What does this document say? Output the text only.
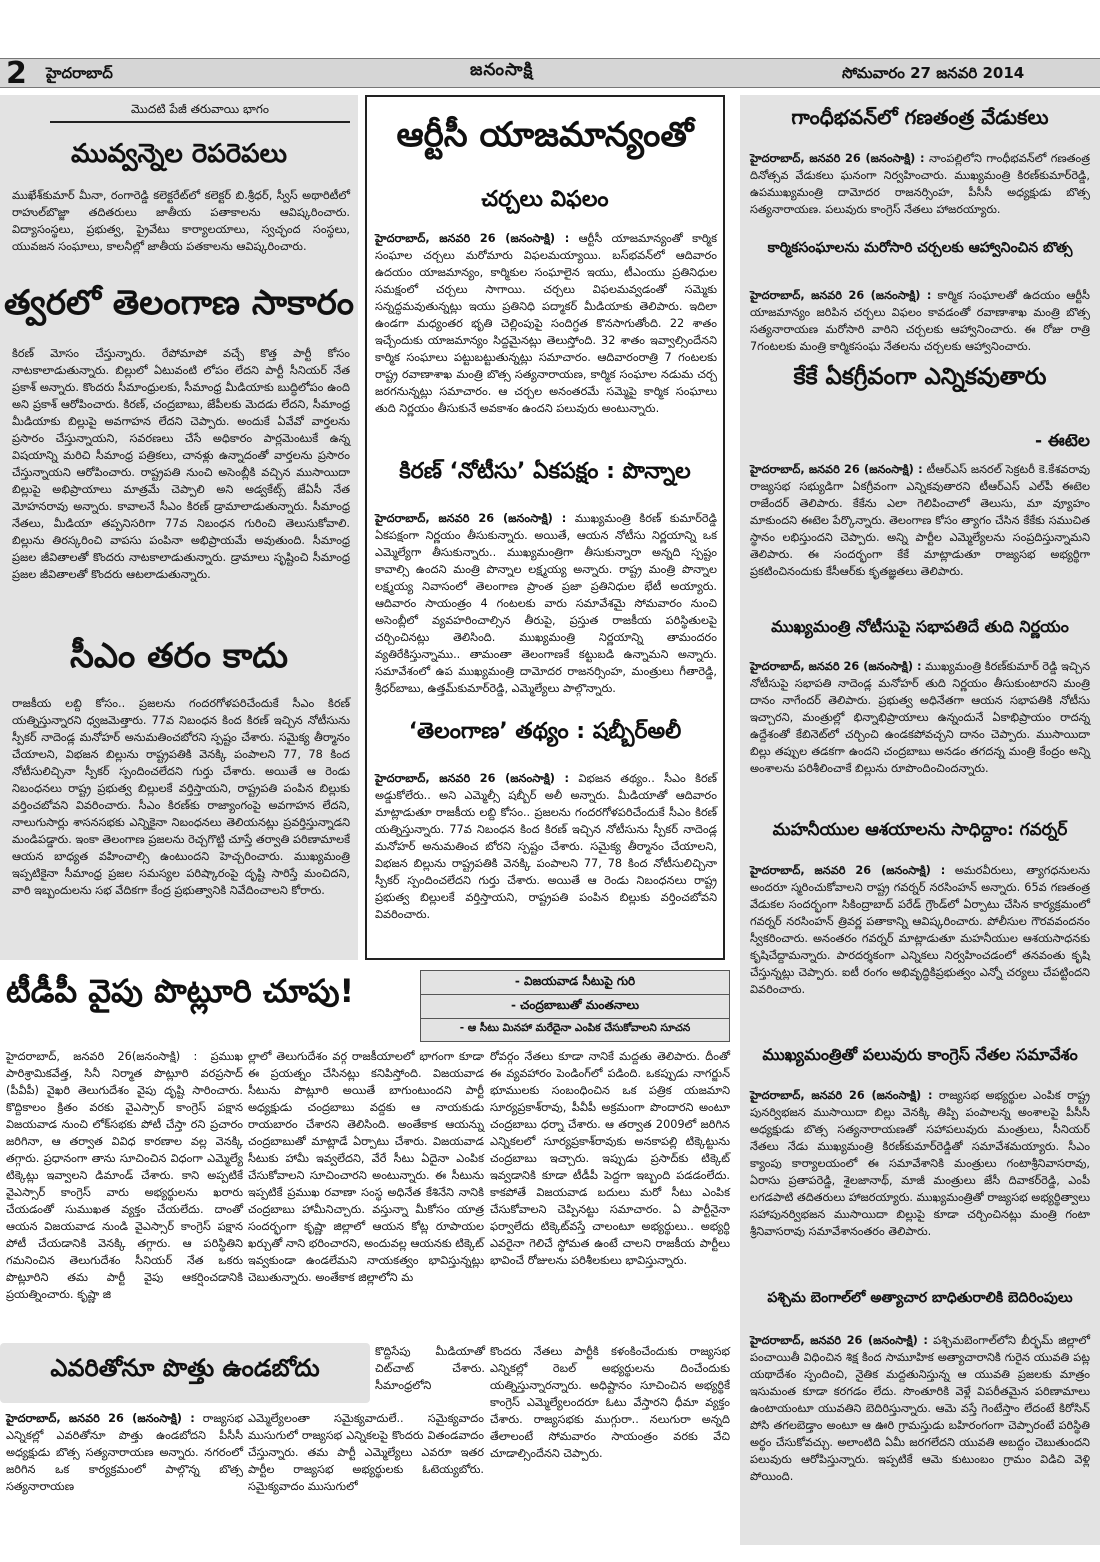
2 హైదరాబాద్	జనంసాక్షి	సోమవారం 27 జనవరి 2014
మొదటి పేజీ తరువాయి భాగం
మువ్వన్నెల రెపరెపలు

ముఖేశ్‌కుమార్‌ మీనా, రంగారెడ్డి కలెక్టరేట్‌లో కలెక్టర్‌ బి.శ్రీధర్‌, స్వీస్‌ అథారిటీలో రాహుల్‌బొజ్జా తదితరులు జాతీయ పతాకాలను ఆవిష్కరించారు. విద్యాసంస్థలు, ప్రభుత్వ, ప్రైవేటు కార్యాలయాలు, స్వచ్ఛంద సంస్థలు, యువజన సంఘాలు, కాలనీల్లో జాతీయ పతకాలను ఆవిష్కరించారు.

త్వరలో తెలంగాణ సాకారం

కిరణ్‌ మోసం చేస్తున్నారు. రేపోమాపో వచ్చే కొత్త పార్టీ కోసం నాటకాలాడుతున్నారు. బిల్లులో ఏటువంటి లోపం లేదని పార్టీ సీనియర్‌ నేత ప్రకాశ్‌ అన్నారు. కొందరు సీమాంధ్రులకు, సీమాంధ్ర మీడియాకు బుద్ధిలోపం ఉంది అని ప్రకాశ్‌ ఆరోపించారు. కిరణ్‌, చంద్రబాబు, జేపీలకు మెదడు లేదని, సీమాంధ్ర మీడియాకు బిల్లుపై అవగాహన లేదని చెప్పారు. అందుకే ఏవేవో వార్తలను ప్రసారం చేస్తున్నాయని, సవరణలు చేసే అధికారం పార్లమెంటుకే ఉన్న విషయాన్ని మరిచి సీమాంధ్ర పత్రికలు, చానళ్లు ఉన్నాదంతో వార్తలను ప్రసారం చేస్తున్నాయని ఆరోపించారు. రాష్ట్రపతి నుంచి అసెంబ్లీకి వచ్చిన ముసాయిదా బిల్లుపై అభిప్రాయాలు మాత్రమే చెప్పాలి అని అడ్వకేట్స్‌ జేఏసీ నేత మోహనరావు అన్నారు. కావాలనే సీఎం కిరణ్‌ డ్రామాలాడుతున్నారు. సీమాంధ్ర నేతలు, మీడియా తప్పనిసరిగా 77వ నిబంధన గురించి తెలుసుకోవాలి. బిల్లును తిరస్కరించి వాపసు పంపినా అభిప్రాయమే అవుతుంది. సీమాంధ్ర ప్రజల జీవితాలతో కొందరు నాటకాలాడుతున్నారు. డ్రామాలు సృష్టించి సీమాంధ్ర ప్రజల జీవితాలతో కొందరు ఆటలాడుతున్నారు.

సీఎం తరం కాదు

రాజకీయ లబ్ది కోసం.. ప్రజలను గందరగోళపరిచేందుకే సీఎం కిరణ్‌ యత్నిస్తున్నారని ధ్వజమెత్తారు. 77వ నిబంధన కింద కిరణ్‌ ఇచ్చిన నోటీసును స్పీకర్‌ నాదెండ్ల మనోహర్‌ అనుమతించబోరని స్పష్టం చేశారు. సమైక్య తీర్మానం చేయాలని, విభజన బిల్లును రాష్ట్రపతికి వెనక్కి పంపాలని 77, 78 కింద నోటీసులిచ్చినా స్పీకర్‌ స్పందించలేదని గుర్తు చేశారు. అయితే ఆ రెండు నిబంధనలు రాష్ట్ర ప్రభుత్వ బిల్లులకే వర్తిస్తాయని, రాష్ట్రపతి పంపిన బిల్లుకు వర్తించబోవని వివరించారు. సీఎం కిరణ్‌కు రాజ్యాంగంపై అవగాహన లేదని, నాలుగుసార్లు శాసనసభకు ఎన్నికైనా నిబంధనలు తెలియనట్లు ప్రవర్తిస్తున్నాడని మండిపడ్డారు. ఇంకా తెలంగాణ ప్రజలను రెచ్చగొట్టి చూస్తే తర్వాతి పరిణామాలకే ఆయన బాధ్యత వహించాల్సి ఉంటుందని హెచ్చరించారు. ముఖ్యమంత్రి ఇప్పటికైనా సీమాంధ్ర ప్రజల సమస్యల పరిష్కారంపై దృష్టి సారిస్తే మంచిదని, వారి ఇబ్బందులను సభ వేదికగా కేంద్ర ప్రభుత్వానికి నివేదించాలని కోరారు.

ఆర్టీసీ యాజమాన్యంతో
చర్చలు విఫలం

హైదరాబాద్‌, జనవరి 26 (జనంసాక్షి) : ఆర్టీసీ యాజమాన్యంతో కార్మిక సంఘాల చర్చలు మరోమారు విఫలమయ్యాయి. బస్‌భవన్‌లో ఆదివారం ఉదయం యాజమాన్యం, కార్మికుల సంఘాలైన ఇయు, టీఎంయు ప్రతినిధుల సమక్షంలో చర్చలు సాగాయి. చర్చలు విఫలమవ్వడంతో సమ్మెకు సన్నద్ధమవుతున్నట్లు ఇయు ప్రతినిధి పద్మాకర్‌ మీడియాకు తెలిపారు. ఇదిలా ఉండగా మధ్యంతర భృతి చెల్లింపుపై సందిగ్ధత కొనసాగుతోంది. 22 శాతం ఇచ్చేందుకు యాజమాన్యం సిద్దమైనట్లు తెలుస్తోంది. 32 శాతం ఇవ్వాల్సిందేనని కార్మిక సంఘాలు పట్టుబట్టుతున్నట్లు సమాచారం. ఆదివారంరాత్రి 7 గంటలకు రాష్ట్ర రవాణాశాఖ మంత్రి బొత్స సత్యనారాయణ, కార్మిక సంఘాల నడుమ చర్చ జరగనున్నట్లు సమాచారం. ఆ చర్చల అనంతరమే సమ్మెపై కార్మిక సంఘాలు తుది నిర్ణయం తీసుకునే అవకాశం ఉందని పలువురు అంటున్నారు.

కిరణ్‌ ‘నోటీసు’ ఏకపక్షం : పొన్నాల

హైదరాబాద్‌, జనవరి 26 (జనంసాక్షి) : ముఖ్యమంత్రి కిరణ్‌ కుమార్‌రెడ్డి ఏకపక్షంగా నిర్ణయం తీసుకున్నారు. అయితే, ఆయన నోటీసు నిర్ణయాన్ని ఒక ఎమ్మెల్యేగా తీసుకున్నారు.. ముఖ్యమంత్రిగా తీసుకున్నారా అన్నది స్పష్టం కావాల్సి ఉందని మంత్రి పొన్నాల లక్ష్మయ్య అన్నారు. రాష్ట్ర మంత్రి పొన్నాల లక్ష్మయ్య నివాసంలో తెలంగాణ ప్రాంత ప్రజా ప్రతినిధుల భేటీ అయ్యారు. ఆదివారం సాయంత్రం 4 గంటలకు వారు సమావేశమై సోమవారం నుంచి అసెంబ్లీలో వ్యవహరించాల్సిన తీరుపై, ప్రస్తుత రాజకీయ పరిస్థితులపై చర్చించినట్లు తెలిసింది. ముఖ్యమంత్రి నిర్ణయాన్ని తామందరం వ్యతిరేకిస్తున్నాము.. తామంతా తెలంగాణకే కట్టుబడి ఉన్నామని అన్నారు. సమావేశంలో ఉప ముఖ్యమంత్రి దామోదర రాజనర్సింహ, మంత్రులు గీతారెడ్డి, శ్రీధర్‌బాబు, ఉత్తమ్‌కుమార్‌రెడ్డి, ఎమ్మెల్యేలు పాల్గొన్నారు.

‘తెలంగాణ’ తథ్యం : షబ్బీర్‌అలీ

హైదరాబాద్‌, జనవరి 26 (జనంసాక్షి) : విభజన తథ్యం.. సీఎం కిరణ్‌ అడ్డుకోలేరు.. అని ఎమ్మెల్సీ షబ్బీర్‌ అలీ అన్నారు. మీడియాతో ఆదివారం మాట్లాడుతూ రాజకీయ లబ్ది కోసం.. ప్రజలను గందరగోళపరిచేందుకే సీఎం కిరణ్‌ యత్నిస్తున్నారు. 77వ నిబంధన కింద కిరణ్‌ ఇచ్చిన నోటీసును స్పీకర్‌ నాదెండ్ల మనోహర్‌ అనుమతించ బోరని స్పష్టం చేశారు. సమైక్య తీర్మానం చేయాలని, విభజన బిల్లును రాష్ట్రపతికి వెనక్కి పంపాలని 77, 78 కింద నోటీసులిచ్చినా స్పీకర్‌ స్పందించలేదని గుర్తు చేశారు. అయితే ఆ రెండు నిబంధనలు రాష్ట్ర ప్రభుత్వ బిల్లులకే వర్తిస్తాయని, రాష్ట్రపతి పంపిన బిల్లుకు వర్తించబోవని వివరించారు.

గాంధీభవన్‌లో గణతంత్ర వేడుకలు

హైదరాబాద్‌, జనవరి 26 (జనంసాక్షి) : నాంపల్లిలోని గాంధీభవన్‌లో గణతంత్ర దినోత్సవ వేడుకలు ఘనంగా నిర్వహించారు. ముఖ్యమంత్రి కిరణ్‌కుమార్‌రెడ్డి, ఉపముఖ్యమంత్రి దామోదర రాజనర్సింహ, పీసీసీ అధ్యక్షుడు బొత్స సత్యనారాయణ. పలువురు కాంగ్రెస్‌ నేతలు హాజరయ్యారు.

కార్మికసంఘాలను మరోసారి చర్చలకు ఆహ్వానించిన బొత్స

హైదరాబాద్‌, జనవరి 26 (జనంసాక్షి) : కార్మిక సంఘాలతో ఉదయం ఆర్టీసీ యాజమాన్యం జరిపిన చర్చలు విఫలం కావడంతో రవాణాశాఖ మంత్రి బొత్స సత్యనారాయణ మరోసారి వారిని చర్చలకు ఆహ్వానించారు. ఈ రోజు రాత్రి 7గంటలకు మంత్రి కార్మికసంఘ నేతలను చర్చలకు ఆహ్వానించారు.

కేకే ఏకగ్రీవంగా ఎన్నికవుతారు
- ఈటెల

హైదరాబాద్‌, జనవరి 26 (జనంసాక్షి) : టీఆర్‌ఎస్‌ జనరల్‌ సెక్రటరీ కె.కేశవరావు రాజ్యసభ సభ్యుడిగా ఏకగ్రీవంగా ఎన్నికవుతారని టీఆర్‌ఎస్‌ ఎల్‌పీ ఈటెల రాజేందర్‌ తెలిపారు. కేకేను ఎలా గెలిపించాలో తెలుసు, మా వ్యూహం మాకుందని ఈటెల పేర్కొన్నారు. తెలంగాణ కోసం త్యాగం చేసిన కేకేకు సముచిత స్థానం లభిస్తుందని చెప్పారు. అన్ని పార్టీల ఎమ్మెల్యేలను సంప్రదిస్తున్నామని తెలిపారు. ఈ సందర్భంగా కేకే మాట్లాడుతూ రాజ్యసభ అభ్యర్థిగా ప్రకటించినందుకు కేసీఆర్‌కు కృతజ్ఞతలు తెలిపారు.

ముఖ్యమంత్రి నోటీసుపై సభాపతిదే తుది నిర్ణయం

హైదరాబాద్‌, జనవరి 26 (జనంసాక్షి) : ముఖ్యమంత్రి కిరణ్‌కుమార్‌ రెడ్డి ఇచ్చిన నోటీసుపై సభాపతి నాదెండ్ల మనోహర్‌ తుది నిర్ణయం తీసుకుంటారని మంత్రి దానం నాగేందర్‌ తెలిపారు. ప్రభుత్వ అధినేతగా ఆయన సభాపతికి నోటీసు ఇచ్చారని, మంత్రుల్లో భిన్నాభిప్రాయాలు ఉన్నందునే ఏకాభిప్రాయం రాదన్న ఉద్దేశంతో కేబినెట్‌లో చర్చించి ఉండకపోవచ్చని దానం చెప్పారు. ముసాయిదా బిల్లు తప్పుల తడకగా ఉందని చంద్రబాబు అనడం తగదన్న మంత్రి కేంద్రం అన్ని అంశాలను పరిశీలించాకే బిల్లును రూపొందించిందన్నారు.

మహనీయుల ఆశయాలను సాధిద్దాం: గవర్నర్‌

హైదరాబాద్‌, జనవరి 26 (జనంసాక్షి) : అమరవీరులు, త్యాగధనులను అందరూ స్మరించుకోవాలని రాష్ట్ర గవర్నర్‌ నరసింహన్‌ అన్నారు. 65వ గణతంత్ర వేడుకల సందర్భంగా సికింద్రాబాద్‌ పరేడ్‌ గ్రౌండ్‌లో ఏర్పాటు చేసిన కార్యక్రమంలో గవర్నర్‌ నరసింహన్‌ త్రివర్ణ పతాకాన్ని ఆవిష్కరించారు. పోలీసుల గౌరవవందనం స్వీకరించారు. అనంతరం గవర్నర్‌ మాట్లాడుతూ మహనీయుల ఆశయసాధనకు కృషిచేద్దామన్నారు. పారదర్శకంగా ఎన్నికలు నిర్వహించడంలో తనవంతు కృషి చేస్తున్నట్లు చెప్పారు. ఐటీ రంగం అభివృద్ధికిప్రభుత్వం ఎన్నో చర్యలు చేపట్టిందని వివరించారు.

ముఖ్యమంత్రితో పలువురు కాంగ్రెస్‌ నేతల సమావేశం

హైదరాబాద్‌, జనవరి 26 (జనంసాక్షి) : రాజ్యసభ అభ్యర్థుల ఎంపిక రాష్ట్ర పునర్విభజన ముసాయిదా బిల్లు వెనక్కి తిప్పి పంపాలన్న అంశాలపై పీసీసీ అధ్యక్షుడు బొత్స సత్యనారాయణతో సహాపలువురు మంత్రులు, సీనియర్‌ నేతలు నేడు ముఖ్యమంత్రి కిరణ్‌కుమార్‌రెడ్డితో సమావేశమయ్యారు. సీఎం క్యాంపు కార్యాలయంలో ఈ సమావేశానికి మంత్రులు గంటాశ్రీనివాసరావు, ఏరాసు ప్రతాపరెడ్డి, శైలజానాథ్‌, మాజీ మంత్రులు జేసీ దివాకర్‌రెడ్డి, ఎంపీ లగడపాటి తదితరులు హాజరయ్యారు. ముఖ్యమంత్రితో రాజ్యసభ అభ్యర్థిత్వాలు సహాపునర్విభజన ముసాయిదా బిల్లుపై కూడా చర్చించినట్లు మంత్రి గంటా శ్రీనివాసరావు సమావేశానంతరం తెలిపారు.

పశ్చిమ బెంగాల్‌లో అత్యాచార బాధితురాలికి బెదిరింపులు

హైదరాబాద్‌, జనవరి 26 (జనంసాక్షి) : పశ్చిమబెంగాల్‌లోని బీర్భమ్‌ జిల్లాలో పంచాయితీ విధించిన శిక్ష కింద సామూహిక అత్యాచారానికి గురైన యువతి పట్ల యథాదేశం స్పందించి, నైతిక మద్దతునిస్తున్న ఆ యువతి ప్రజలకు మాత్రం ఇసుమంత కూడా కరగడం లేదు. సొంతూరికి వెళ్లే విపరీతమైన పరిణామాలు ఉంటాయంటూ యువతిని బెదిరిస్తున్నారు. ఆమె వస్తే గెంటేస్తాం లేదంటే కిరోసిన్‌ పోసి తగలబెడ్తాం అంటూ ఆ ఊరి గ్రామస్తుడు బహిరంగంగా చెప్పారంటే పరిస్థితి అర్థం చేసుకోవచ్చు. అలాంటిది ఏమీ జరగలేదని యువతి అబద్దం చెబుతుందని పలువురు ఆరోపిస్తున్నారు. ఇప్పటికే ఆమె కుటుంబం గ్రామం విడిచి వెళ్లి పోయింది.

టీడీపీ వైపు పొట్లూరి చూపు!	- విజయవాడ సీటుపై గురి
- చంద్రబాబుతో మంతనాలు
- ఆ సీటు మినహా మరేదైనా ఎంపిక చేసుకోవాలని సూచన

హైదరాబాద్‌, జనవరి 26(జనంసాక్షి) : ప్రముఖ పారిశ్రామికవేత్త, సినీ నిర్మాత పొట్లూరి వరప్రసాద్‌ (పీవీపీ) వైఖరి తెలుగుదేశం వైపు దృష్టి సారించారు. కొద్దికాలం క్రితం వరకు వైఎస్సార్‌ కాంగ్రెస్‌ పక్షాన విజయవాడ నుంచి లోక్‌సభకు పోటీ చేస్తా రని ప్రచారం జరిగినా, ఆ తర్వాత వివిధ కారణాల వల్ల వెనక్కి తగ్గారు. ప్రధానంగా తాను సూచించిన విధంగా ఎమ్మెల్యే టిక్కెట్లు ఇవ్వాలని డిమాండ్‌ చేశారు. కాని అప్పటికే వైఎస్సార్‌ కాంగ్రెస్‌ వారు అభ్యర్థులను ఖరారు చేయడంతో సుముఖత వ్యక్తం చేయలేదు. దాంతో ఆయన విజయవాడ నుండి వైఎస్సార్‌ కాంగ్రెస్‌ పక్షాన పోటీ చేయడానికి వెనక్కి తగ్గారు. ఆ పరిస్థితిని గమనించిన తెలుగుదేశం సీనియర్‌ నేత ఒకరు పొట్లూరిని తమ పార్టీ వైపు ఆకర్షించడానికి ప్రయత్నించారు. కృష్ణా జి

ల్లాలో తెలుగుదేశం వర్గ రాజకీయాలలో భాగంగా కూడా ఈ ప్రయత్నం చేసినట్లు కనిపిస్తోంది. విజయవాడ సీటును పొట్లూరి అయితే బాగుంటుందని పార్టీ అధ్యక్షుడు చంద్రబాబు వద్దకు ఆ నాయకుడు రాయబారం చేశారని తెలిసింది. అంతేకాక ఆయన్ను చంద్రబాబుతో మాట్లాడే ఏర్పాటు చేశారు. విజయవాడ సీటుకు హామీ ఇవ్వలేదని, వేరే సీటు ఏదైనా ఎంపిక చేసుకోవాలని సూచించారని అంటున్నారు. ఈ సీటును ఇప్పటికే ప్రముఖ రవాణా సంస్థ అధినేత కేశినేని నానికి చంద్రబాబు హామీనిచ్చారు. వస్తున్నా మీకోసం యాత్ర సందర్భంగా కృష్ణా జిల్లాలో ఆయన కోట్ల రూపాయల ఖర్చుతో నాని భరించారని, అందువల్ల ఆయనకు టిక్కెట్‌ ఇవ్వకుండా ఉండలేమని నాయకత్వం భావిస్తున్నట్లు చెబుతున్నారు. అంతేకాక జిల్లాలోని మ

రోవర్గం నేతలు కూడా నానికే మద్దతు తెలిపారు. దీంతో ఈ వ్యవహారం పెండింగ్‌లో పడింది. ఒకప్పుడు నాగర్జున్‌ భూములకు సంబంధించిన ఒక పత్రిక యజమాని సూర్యప్రకాశ్‌రావు, పీవీపీ అక్రమంగా పొందారని అంటూ చంద్రబాబు ధర్నా చేశారు. ఆ తర్వాత 2009లో జరిగిన ఎన్నికలలో సూర్యప్రకాశ్‌రావుకు అనకాపల్లి టిక్కెట్టును చంద్రబాబు ఇచ్చారు. ఇప్పుడు ప్రసాద్‌కు టిక్కెట్‌ ఇవ్వడానికి కూడా టీడీపీ పెద్దగా ఇబ్బంది పడడంలేదు. కాకపోతే విజయవాడ బదులు మరో సీటు ఎంపిక చేసుకోవాలని చెప్పినట్టు సమాచారం. ఏ పార్టీనైనా ఫర్వాలేదు టిక్కెట్‌వస్తే చాలంటూ అభ్యర్థులు.. అభ్యర్థి ఎవరైనా గెలిచే స్థోమత ఉంటే చాలని రాజకీయ పార్టీలు భావించే రోజులను పరిశీలకులు భావిస్తున్నారు.

ఎవరితోనూ పొత్తు ఉండబోదు

హైదరాబాద్‌, జనవరి 26 (జనంసాక్షి) : రాజ్యసభ ఎన్నికల్లో ఎవరితోనూ పొత్తు ఉండబోదని పీసీసీ అధ్యక్షుడు బొత్స సత్యనారాయణ అన్నారు. నగరంలో జరిగిన ఒక కార్యక్రమంలో పాల్గొన్న బొత్స సత్యనారాయణ

కొద్దిసేపు మీడియాతో చిట్‌చాట్‌ చేశారు. సీమాంధ్రలోని

ఎమ్మెల్యేలంతా సమైక్యవాదులే.. సమైక్యవాదం ముసుగులో రాజ్యసభ ఎన్నికలపై కొందరు వితండవాదం చేస్తున్నారు. తమ పార్టీ ఎమ్మెల్యేలు ఎవరూ ఇతర పార్టీల రాజ్యసభ అభ్యర్థులకు ఓటెయ్యబోరు. సమైక్యవాదం ముసుగులో

కొందరు నేతలు పార్టీకి కళంకించేందుకు రాజ్యసభ ఎన్నికల్లో రెబల్‌ అభ్యర్థులను దించేందుకు యత్నిస్తున్నారన్నారు. అధిష్టానం సూచించిన అభ్యర్థికే కాంగ్రెస్‌ ఎమ్మెల్యేలందరూ ఓటు వేస్తారని ధీమా వ్యక్తం చేశారు. రాజ్యసభకు ముగ్గురా.. నలుగురా అన్నది తేలాలంటే సోమవారం సాయంత్రం వరకు వేచి చూడాల్సిందేనని చెప్పారు.
